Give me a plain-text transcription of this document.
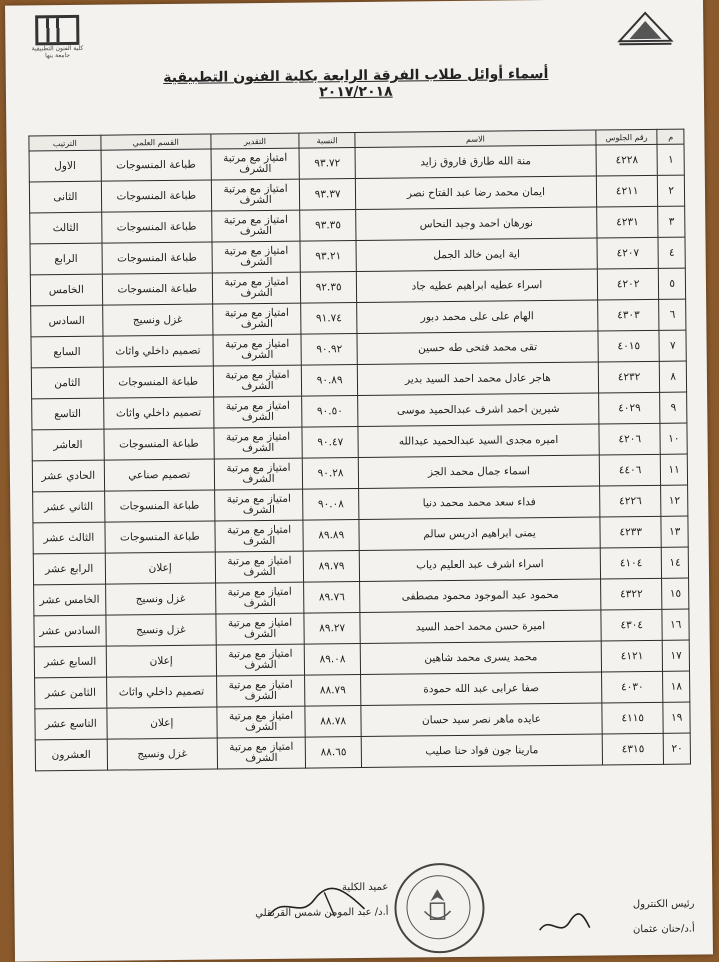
كلية الفنون التطبيقية جامعة بنها
أسماء أوائل طلاب الفرقة الرابعة بكلية الفنون التطبيقية ٢٠١٧/٢٠١٨
م	رقم الجلوس	الاسم	النسبة	التقدير	القسم العلمي	الترتيب
١	٤٢٢٨	منة الله طارق فاروق زايد	٩٣.٧٢	امتياز مع مرتبة الشرف	طباعة المنسوجات	الاول
٢	٤٢١١	ايمان محمد رضا عبد الفتاح نصر	٩٣.٣٧	امتياز مع مرتبة الشرف	طباعة المنسوجات	الثانى
٣	٤٢٣١	نورهان احمد وجيد النحاس	٩٣.٣٥	امتياز مع مرتبة الشرف	طباعة المنسوجات	الثالث
٤	٤٢٠٧	اية ايمن خالد الجمل	٩٣.٢١	امتياز مع مرتبة الشرف	طباعة المنسوجات	الرابع
٥	٤٢٠٢	اسراء عطيه ابراهيم عطيه جاد	٩٢.٣٥	امتياز مع مرتبة الشرف	طباعة المنسوجات	الخامس
٦	٤٣٠٣	الهام على على محمد دبور	٩١.٧٤	امتياز مع مرتبة الشرف	غزل ونسيج	السادس
٧	٤٠١٥	تقى محمد فتحى طه حسين	٩٠.٩٢	امتياز مع مرتبة الشرف	تصميم داخلي واثاث	السابع
٨	٤٢٣٢	هاجر عادل محمد احمد السيد بدير	٩٠.٨٩	امتياز مع مرتبة الشرف	طباعة المنسوجات	الثامن
٩	٤٠٢٩	شيرين احمد اشرف عبدالحميد موسى	٩٠.٥٠	امتياز مع مرتبة الشرف	تصميم داخلي واثاث	التاسع
١٠	٤٢٠٦	اميره مجدى السيد عبدالحميد عبدالله	٩٠.٤٧	امتياز مع مرتبة الشرف	طباعة المنسوجات	العاشر
١١	٤٤٠٦	اسماء جمال محمد الجز	٩٠.٢٨	امتياز مع مرتبة الشرف	تصميم صناعي	الحادي عشر
١٢	٤٢٢٦	فداء سعد محمد محمد دنيا	٩٠.٠٨	امتياز مع مرتبة الشرف	طباعة المنسوجات	الثاني عشر
١٣	٤٢٣٣	يمنى ابراهيم ادريس سالم	٨٩.٨٩	امتياز مع مرتبة الشرف	طباعة المنسوجات	الثالث عشر
١٤	٤١٠٤	اسراء اشرف عبد العليم دياب	٨٩.٧٩	امتياز مع مرتبة الشرف	إعلان	الرابع عشر
١٥	٤٣٢٢	محمود عبد الموجود محمود مصطفى	٨٩.٧٦	امتياز مع مرتبة الشرف	غزل ونسيج	الخامس عشر
١٦	٤٣٠٤	اميرة حسن محمد احمد السيد	٨٩.٢٧	امتياز مع مرتبة الشرف	غزل ونسيج	السادس عشر
١٧	٤١٢١	محمد يسرى محمد شاهين	٨٩.٠٨	امتياز مع مرتبة الشرف	إعلان	السابع عشر
١٨	٤٠٣٠	صفا عرابى عبد الله حمودة	٨٨.٧٩	امتياز مع مرتبة الشرف	تصميم داخلي واثاث	الثامن عشر
١٩	٤١١٥	عايده ماهر نصر سيد حسان	٨٨.٧٨	امتياز مع مرتبة الشرف	إعلان	التاسع عشر
٢٠	٤٣١٥	مارينا جون فواد حنا صليب	٨٨.٦٥	امتياز مع مرتبة الشرف	غزل ونسيج	العشرون
عميد الكلية
أ.د/ عبد المومن شمس القرنقلي
رئيس الكنترول
أ.د/حنان عثمان
